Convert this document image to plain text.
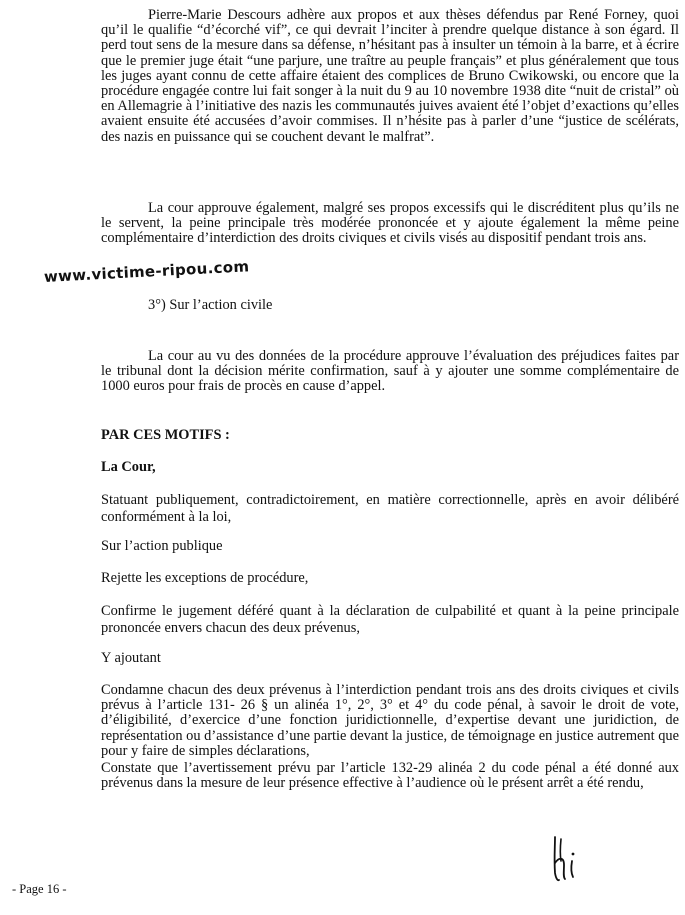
Pierre-Marie Descours adhère aux propos et aux thèses défendus par René Forney, quoi qu’il le qualifie “d’écorché vif”, ce qui devrait l’inciter à prendre quelque distance à son égard. Il perd tout sens de la mesure dans sa défense, n’hésitant pas à insulter un témoin à la barre, et à écrire que le premier juge était “une parjure, une traître au peuple français” et plus généralement que tous les juges ayant connu de cette affaire étaient des complices de Bruno Cwikowski, ou encore que la procédure engagée contre lui fait songer à la nuit du 9 au 10 novembre 1938 dite “nuit de cristal” où en Allemagrie à l’initiative des nazis les communautés juives avaient été l’objet d’exactions qu’elles avaient ensuite été accusées d’avoir commises. Il n’hésite pas à parler d’une “justice de scélérats, des nazis en puissance qui se couchent devant le malfrat”.

La cour approuve également, malgré ses propos excessifs qui le discréditent plus qu’ils ne le servent, la peine principale très modérée prononcée et y ajoute également la même peine complémentaire d’interdiction des droits civiques et civils visés au dispositif pendant trois ans.

www.victime-ripou.com

3°) Sur l’action civile

La cour au vu des données de la procédure approuve l’évaluation des préjudices faites par le tribunal dont la décision mérite confirmation, sauf à y ajouter une somme complémentaire de 1000 euros pour frais de procès en cause d’appel.

PAR CES MOTIFS :

La Cour,

Statuant publiquement, contradictoirement, en matière correctionnelle, après en avoir délibéré conformément à la loi,

Sur l’action publique

Rejette les exceptions de procédure,

Confirme le jugement déféré quant à la déclaration de culpabilité et quant à la peine principale prononcée envers chacun des deux prévenus,

Y ajoutant

Condamne chacun des deux prévenus à l’interdiction pendant trois ans des droits civiques et civils prévus à l’article 131- 26 § un alinéa 1°, 2°, 3° et 4° du code pénal, à savoir le droit de vote, d’éligibilité, d’exercice d’une fonction juridictionnelle, d’expertise devant une juridiction, de représentation ou d’assistance d’une partie devant la justice, de témoignage en justice autrement que pour y faire de simples déclarations,

Constate que l’avertissement prévu par l’article 132-29 alinéa 2 du code pénal a été donné aux prévenus dans la mesure de leur présence effective à l’audience où le présent arrêt a été rendu,

- Page 16 -
